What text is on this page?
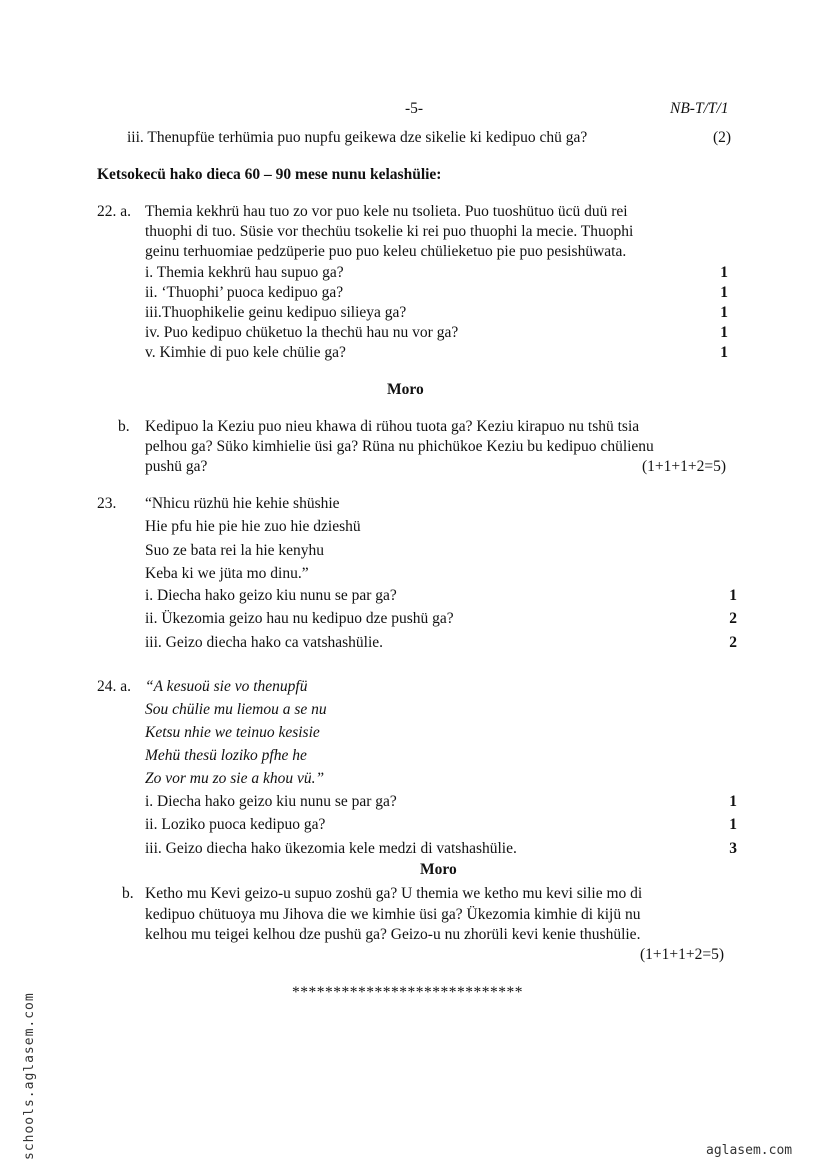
-5-	NB-T/T/1
iii. Thenupfüe terhümia puo nupfu geikewa dze sikelie ki kedipuo chü ga?	(2)
Ketsokecü hako dieca 60 – 90 mese nunu kelashülie:
22. a. Themia kekhrü hau tuo zo vor puo kele nu tsolieta. Puo tuoshütuo ücü duü rei
thuophi di tuo. Süsie vor thechüu tsokelie ki rei puo thuophi la mecie. Thuophi
geinu terhuomiae pedzüperie puo puo keleu chülieketuo pie puo pesishüwata.
i. Themia kekhrü hau supuo ga?	1
ii. ‘Thuophi’ puoca kedipuo ga?	1
iii.Thuophikelie geinu kedipuo silieya ga?	1
iv. Puo kedipuo chüketuo la thechü hau nu vor ga?	1
v. Kimhie di puo kele chülie ga?	1
Moro
b. Kedipuo la Keziu puo nieu khawa di rühou tuota ga? Keziu kirapuo nu tshü tsia
pelhou ga? Süko kimhielie üsi ga? Rüna nu phichükoe Keziu bu kedipuo chülienu
pushü ga?	(1+1+1+2=5)
23. “Nhicu rüzhü hie kehie shüshie
Hie pfu hie pie hie zuo hie dzieshü
Suo ze bata rei la hie kenyhu
Keba ki we jüta mo dinu.”
i. Diecha hako geizo kiu nunu se par ga?	1
ii. Ükezomia geizo hau nu kedipuo dze pushü ga?	2
iii. Geizo diecha hako ca vatshashülie.	2
24. a. “A kesuoü sie vo thenupfü
Sou chülie mu liemou a se nu
Ketsu nhie we teinuo kesisie
Mehü thesü loziko pfhe he
Zo vor mu zo sie a khou vü.”
i. Diecha hako geizo kiu nunu se par ga?	1
ii. Loziko puoca kedipuo ga?	1
iii. Geizo diecha hako ükezomia kele medzi di vatshashülie.	3
Moro
b. Ketho mu Kevi geizo-u supuo zoshü ga? U themia we ketho mu kevi silie mo di
kedipuo chütuoya mu Jihova die we kimhie üsi ga? Ükezomia kimhie di kijü nu
kelhou mu teigei kelhou dze pushü ga? Geizo-u nu zhorüli kevi kenie thushülie.
(1+1+1+2=5)
****************************
schools.aglasem.com	aglasem.com
